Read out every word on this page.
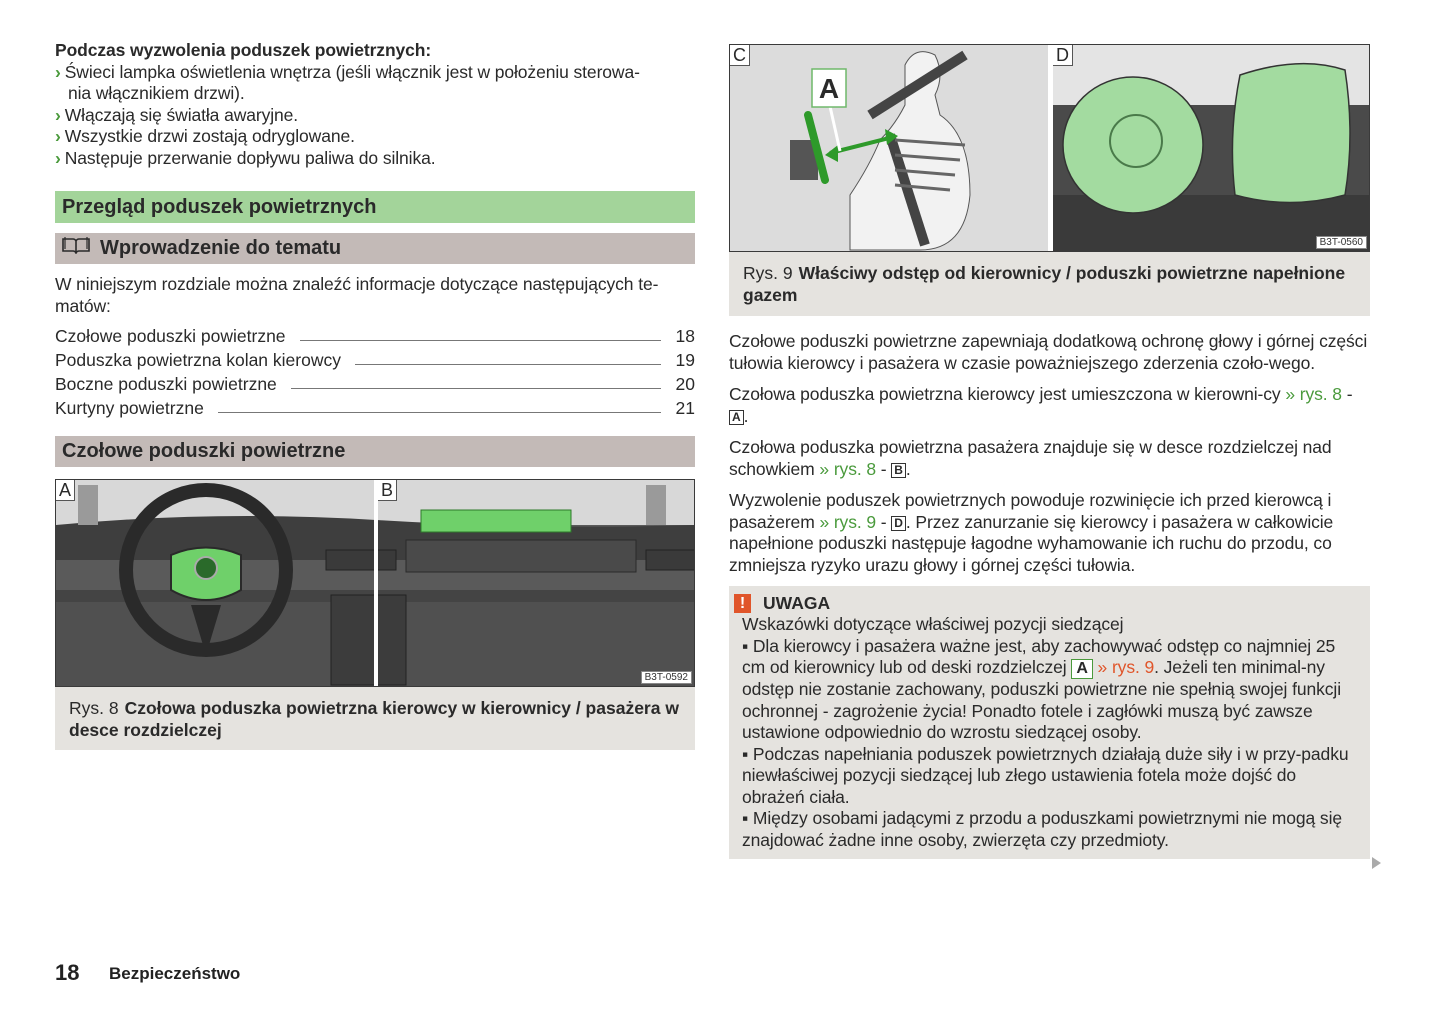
Podczas wyzwolenia poduszek powietrznych:
› Świeci lampka oświetlenia wnętrza (jeśli włącznik jest w położeniu sterowa-
nia włącznikiem drzwi).
› Włączają się światła awaryjne.
› Wszystkie drzwi zostają odryglowane.
› Następuje przerwanie dopływu paliwa do silnika.
Przegląd poduszek powietrznych
Wprowadzenie do tematu
W niniejszym rozdziale można znaleźć informacje dotyczące następujących te-
matów:
Czołowe poduszki powietrzne	18
Poduszka powietrzna kolan kierowcy	19
Boczne poduszki powietrzne	20
Kurtyny powietrzne	21
Czołowe poduszki powietrzne
A	B
B3T-0592
Rys. 8 Czołowa poduszka powietrzna kierowcy w kierownicy / pasażera w desce rozdzielczej
C	D
A
B3T-0560
Rys. 9 Właściwy odstęp od kierownicy / poduszki powietrzne napełnione gazem
Czołowe poduszki powietrzne zapewniają dodatkową ochronę głowy i górnej części tułowia kierowcy i pasażera w czasie poważniejszego zderzenia czoło-wego.
Czołowa poduszka powietrzna kierowcy jest umieszczona w kierowni-cy » rys. 8 - A .
Czołowa poduszka powietrzna pasażera znajduje się w desce rozdzielczej nad schowkiem » rys. 8 - B .
Wyzwolenie poduszek powietrznych powoduje rozwinięcie ich przed kierowcą i pasażerem » rys. 9 - D . Przez zanurzanie się kierowcy i pasażera w całkowicie napełnione poduszki następuje łagodne wyhamowanie ich ruchu do przodu, co zmniejsza ryzyko urazu głowy i górnej części tułowia.
!	UWAGA
Wskazówki dotyczące właściwej pozycji siedzącej
▪ Dla kierowcy i pasażera ważne jest, aby zachowywać odstęp co najmniej 25 cm od kierownicy lub od deski rozdzielczej A » rys. 9. Jeżeli ten minimal-ny odstęp nie zostanie zachowany, poduszki powietrzne nie spełnią swojej funkcji ochronnej - zagrożenie życia! Ponadto fotele i zagłówki muszą być zawsze ustawione odpowiednio do wzrostu siedzącej osoby.
▪ Podczas napełniania poduszek powietrznych działają duże siły i w przy-padku niewłaściwej pozycji siedzącej lub złego ustawienia fotela może dojść do obrażeń ciała.
▪ Między osobami jadącymi z przodu a poduszkami powietrznymi nie mogą się znajdować żadne inne osoby, zwierzęta czy przedmioty.
18 Bezpieczeństwo
